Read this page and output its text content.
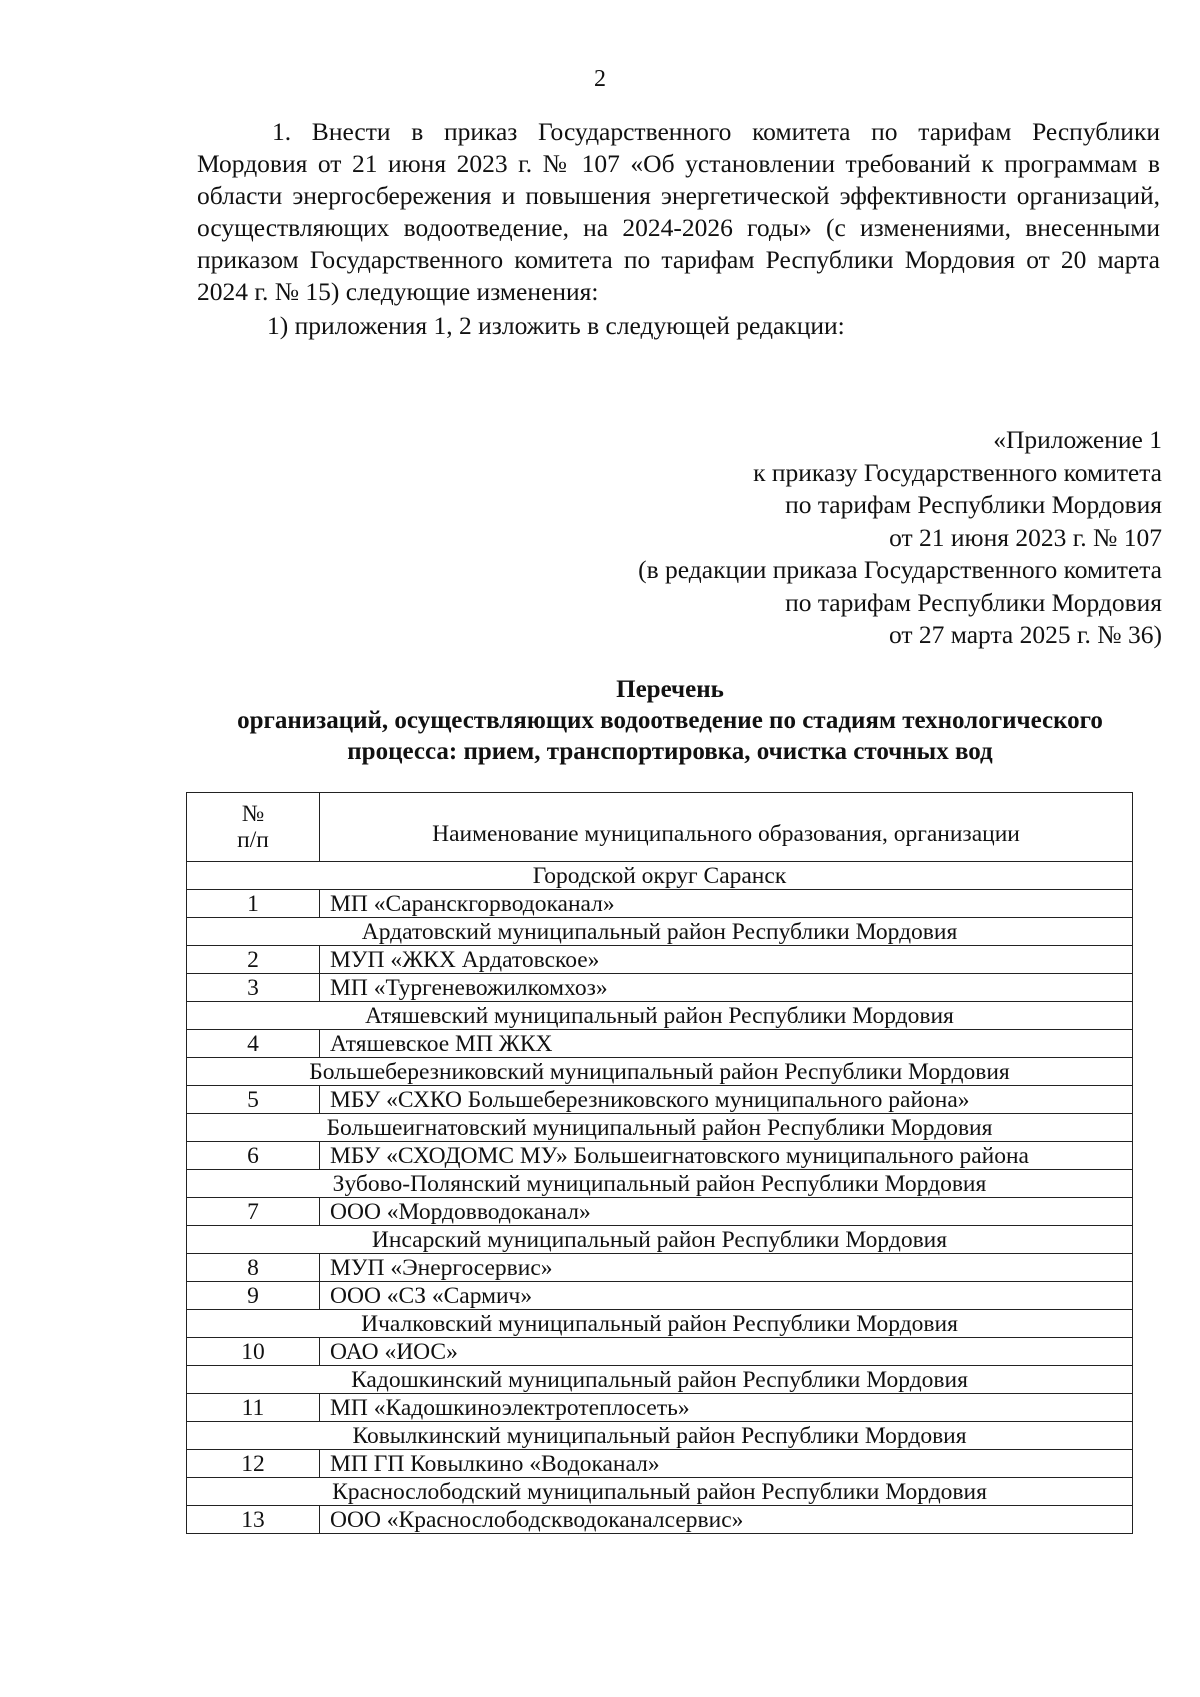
2

1. Внести в приказ Государственного комитета по тарифам Республики Мордовия от 21 июня 2023 г. № 107 «Об установлении требований к программам в области энергосбережения и повышения энергетической эффективности организаций, осуществляющих водоотведение, на 2024-2026 годы» (с изменениями, внесенными приказом Государственного комитета по тарифам Республики Мордовия от 20 марта 2024 г. № 15) следующие изменения:

1) приложения 1, 2 изложить в следующей редакции:

«Приложение 1
к приказу Государственного комитета
по тарифам Республики Мордовия
от 21 июня 2023 г. № 107
(в редакции приказа Государственного комитета
по тарифам Республики Мордовия
от 27 марта 2025 г. № 36)
Перечень
организаций, осуществляющих водоотведение по стадиям технологического
процесса: прием, транспортировка, очистка сточных вод
№
п/п	Наименование муниципального образования, организации
Городской округ Саранск	
1	МП «Саранскгорводоканал»
Ардатовский муниципальный район Республики Мордовия	
2	МУП «ЖКХ Ардатовское»
3	МП «Тургеневожилкомхоз»
Атяшевский муниципальный район Республики Мордовия	
4	Атяшевское МП ЖКХ
Большеберезниковский муниципальный район Республики Мордовия	
5	МБУ «СХКО Большеберезниковского муниципального района»
Большеигнатовский муниципальный район Республики Мордовия	
6	МБУ «СХОДОМС МУ» Большеигнатовского муниципального района
Зубово-Полянский муниципальный район Республики Мордовия	
7	ООО «Мордовводоканал»
Инсарский муниципальный район Республики Мордовия	
8	МУП «Энергосервис»
9	ООО «СЗ «Сармич»
Ичалковский муниципальный район Республики Мордовия	
10	ОАО «ИОС»
Кадошкинский муниципальный район Республики Мордовия	
11	МП «Кадошкиноэлектротеплосеть»
Ковылкинский муниципальный район Республики Мордовия	
12	МП ГП Ковылкино «Водоканал»
Краснослободский муниципальный район Республики Мордовия	
13	ООО «Краснослободскводоканалсервис»
